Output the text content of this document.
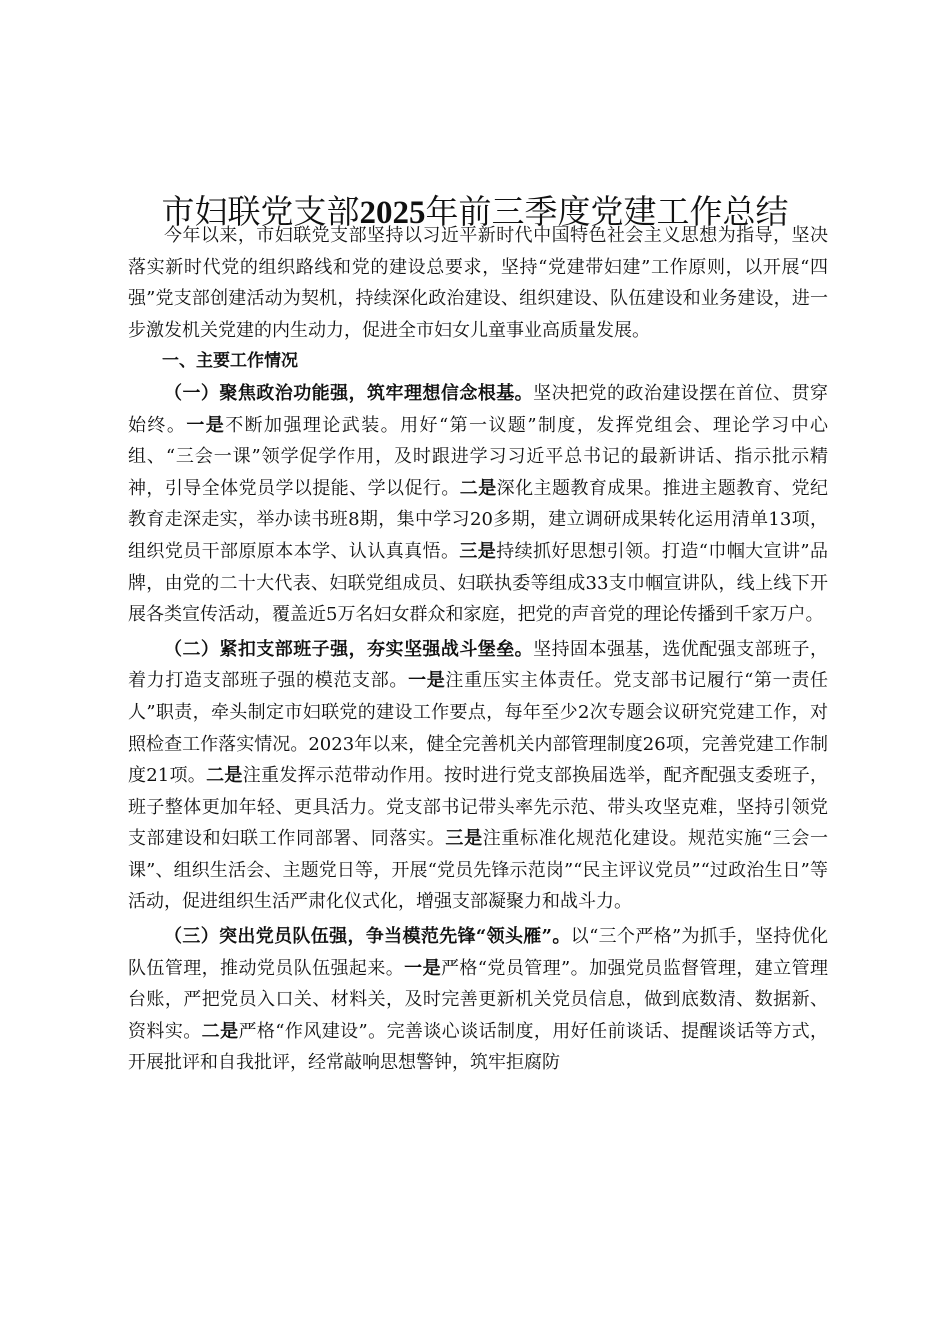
市妇联党支部2025年前三季度党建工作总结

今年以来，市妇联党支部坚持以习近平新时代中国特色社会主义思想为指导，坚决落实新时代党的组织路线和党的建设总要求，坚持“党建带妇建”工作原则，以开展“四强”党支部创建活动为契机，持续深化政治建设、组织建设、队伍建设和业务建设，进一步激发机关党建的内生动力，促进全市妇女儿童事业高质量发展。

一、主要工作情况

（一）聚焦政治功能强，筑牢理想信念根基。坚决把党的政治建设摆在首位、贯穿始终。一是不断加强理论武装。用好“第一议题”制度，发挥党组会、理论学习中心组、“三会一课”领学促学作用，及时跟进学习习近平总书记的最新讲话、指示批示精神，引导全体党员学以提能、学以促行。二是深化主题教育成果。推进主题教育、党纪教育走深走实，举办读书班8期，集中学习20多期，建立调研成果转化运用清单13项，组织党员干部原原本本学、认认真真悟。三是持续抓好思想引领。打造“巾帼大宣讲”品牌，由党的二十大代表、妇联党组成员、妇联执委等组成33支巾帼宣讲队，线上线下开展各类宣传活动，覆盖近5万名妇女群众和家庭，把党的声音党的理论传播到千家万户。

（二）紧扣支部班子强，夯实坚强战斗堡垒。坚持固本强基，选优配强支部班子，着力打造支部班子强的模范支部。一是注重压实主体责任。党支部书记履行“第一责任人”职责，牵头制定市妇联党的建设工作要点，每年至少2次专题会议研究党建工作，对照检查工作落实情况。2023年以来，健全完善机关内部管理制度26项，完善党建工作制度21项。二是注重发挥示范带动作用。按时进行党支部换届选举，配齐配强支委班子，班子整体更加年轻、更具活力。党支部书记带头率先示范、带头攻坚克难，坚持引领党支部建设和妇联工作同部署、同落实。三是注重标准化规范化建设。规范实施“三会一课”、组织生活会、主题党日等，开展“党员先锋示范岗”“民主评议党员”“过政治生日”等活动，促进组织生活严肃化仪式化，增强支部凝聚力和战斗力。

（三）突出党员队伍强，争当模范先锋“领头雁”。以“三个严格”为抓手，坚持优化队伍管理，推动党员队伍强起来。一是严格“党员管理”。加强党员监督管理，建立管理台账，严把党员入口关、材料关，及时完善更新机关党员信息，做到底数清、数据新、资料实。二是严格“作风建设”。完善谈心谈话制度，用好任前谈话、提醒谈话等方式，开展批评和自我批评，经常敲响思想警钟，筑牢拒腐防
